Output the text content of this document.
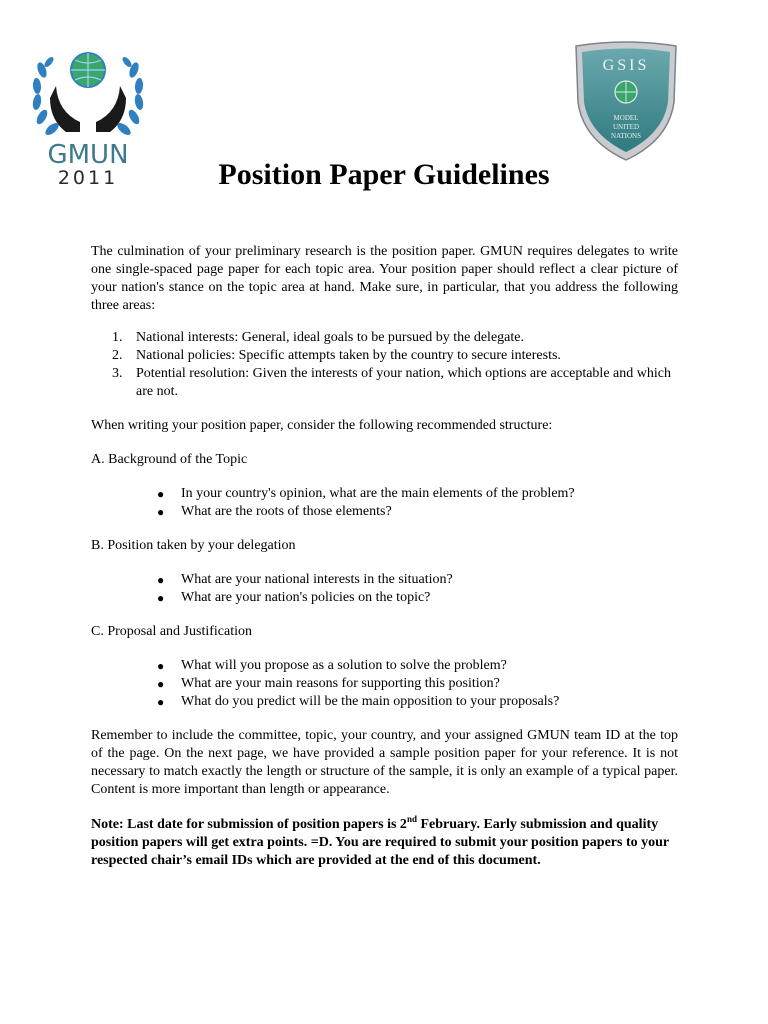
GMUN
2011
GSIS
MODEL
UNITED
NATIONS
Position Paper Guidelines

The culmination of your preliminary research is the position paper. GMUN requires delegates to write one single-spaced page paper for each topic area. Your position paper should reflect a clear picture of your nation's stance on the topic area at hand. Make sure, in particular, that you address the following three areas:

1. National interests: General, ideal goals to be pursued by the delegate.
2. National policies: Specific attempts taken by the country to secure interests.
3. Potential resolution: Given the interests of your nation, which options are acceptable and which are not.

When writing your position paper, consider the following recommended structure:

A. Background of the Topic

● In your country's opinion, what are the main elements of the problem?
● What are the roots of those elements?

B. Position taken by your delegation

● What are your national interests in the situation?
● What are your nation's policies on the topic?

C. Proposal and Justification

● What will you propose as a solution to solve the problem?
● What are your main reasons for supporting this position?
● What do you predict will be the main opposition to your proposals?

Remember to include the committee, topic, your country, and your assigned GMUN team ID at the top of the page. On the next page, we have provided a sample position paper for your reference. It is not necessary to match exactly the length or structure of the sample, it is only an example of a typical paper. Content is more important than length or appearance.

Note: Last date for submission of position papers is 2nd February. Early submission and quality position papers will get extra points. =D. You are required to submit your position papers to your respected chair’s email IDs which are provided at the end of this document.
